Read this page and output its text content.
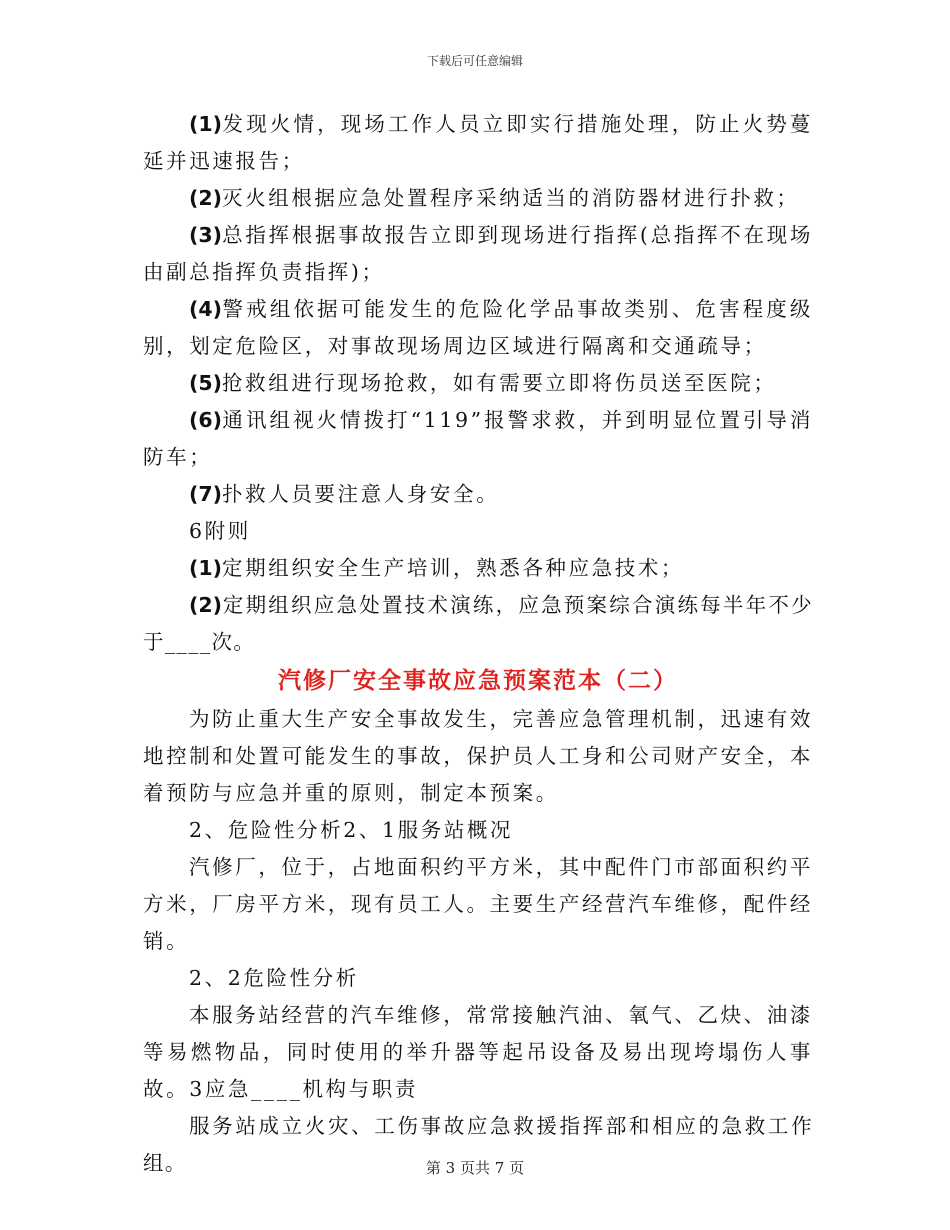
下载后可任意编辑

(1)发现火情，现场工作人员立即实行措施处理，防止火势蔓延并迅速报告；

(2)灭火组根据应急处置程序采纳适当的消防器材进行扑救；

(3)总指挥根据事故报告立即到现场进行指挥(总指挥不在现场由副总指挥负责指挥)；

(4)警戒组依据可能发生的危险化学品事故类别、危害程度级别，划定危险区，对事故现场周边区域进行隔离和交通疏导；

(5)抢救组进行现场抢救，如有需要立即将伤员送至医院；

(6)通讯组视火情拨打“119”报警求救，并到明显位置引导消防车；

(7)扑救人员要注意人身安全。

6附则

(1)定期组织安全生产培训，熟悉各种应急技术；

(2)定期组织应急处置技术演练，应急预案综合演练每半年不少于____次。

汽修厂安全事故应急预案范本（二）

为防止重大生产安全事故发生，完善应急管理机制，迅速有效地控制和处置可能发生的事故，保护员人工身和公司财产安全，本着预防与应急并重的原则，制定本预案。

2、危险性分析2、1服务站概况

汽修厂，位于，占地面积约平方米，其中配件门市部面积约平方米，厂房平方米，现有员工人。主要生产经营汽车维修，配件经销。

2、2危险性分析

本服务站经营的汽车维修，常常接触汽油、氧气、乙炔、油漆等易燃物品，同时使用的举升器等起吊设备及易出现垮塌伤人事故。3应急____机构与职责

服务站成立火灾、工伤事故应急救援指挥部和相应的急救工作组。	第 3 页共 7 页
